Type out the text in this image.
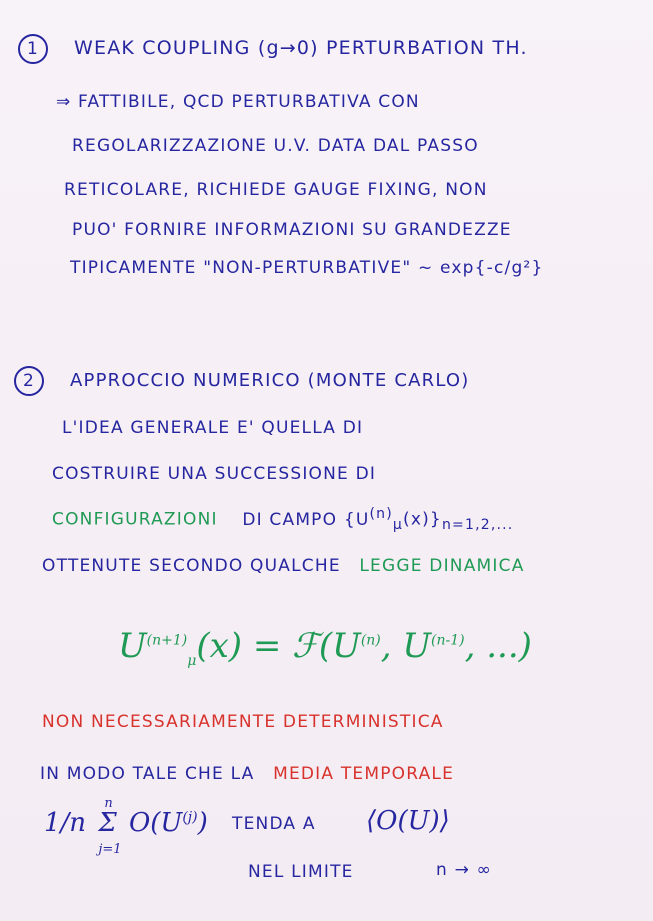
1 WEAK COUPLING (g→0) PERTURBATION TH.
⇒ FATTIBILE, QCD PERTURBATIVA CON
REGOLARIZZAZIONE U.V. DATA DAL PASSO
RETICOLARE, RICHIEDE GAUGE FIXING, NON
PUO' FORNIRE INFORMAZIONI SU GRANDEZZE
TIPICAMENTE "NON-PERTURBATIVE" ~ exp{-c/g²}
2 APPROCCIO NUMERICO (MONTE CARLO)
L'IDEA GENERALE E' QUELLA DI
COSTRUIRE UNA SUCCESSIONE DI
CONFIGURAZIONI DI CAMPO $\{U^{(n)}_\mu(x)\}_{n=1,2,...}$
OTTENUTE SECONDO QUALCHE LEGGE DINAMICA
$U^{(n+1)}_\mu(x)$ = $ℱ(U^{(n)}$, $U^{(n-1)}$, ...)
NON NECESSARIAMENTE DETERMINISTICA
IN MODO TALE CHE LA MEDIA TEMPORALE
1/n
n
Σ
j=1
$O(U^{(j)})$ TENDA A ⟨O(U)⟩
NEL LIMITE	n → ∞
